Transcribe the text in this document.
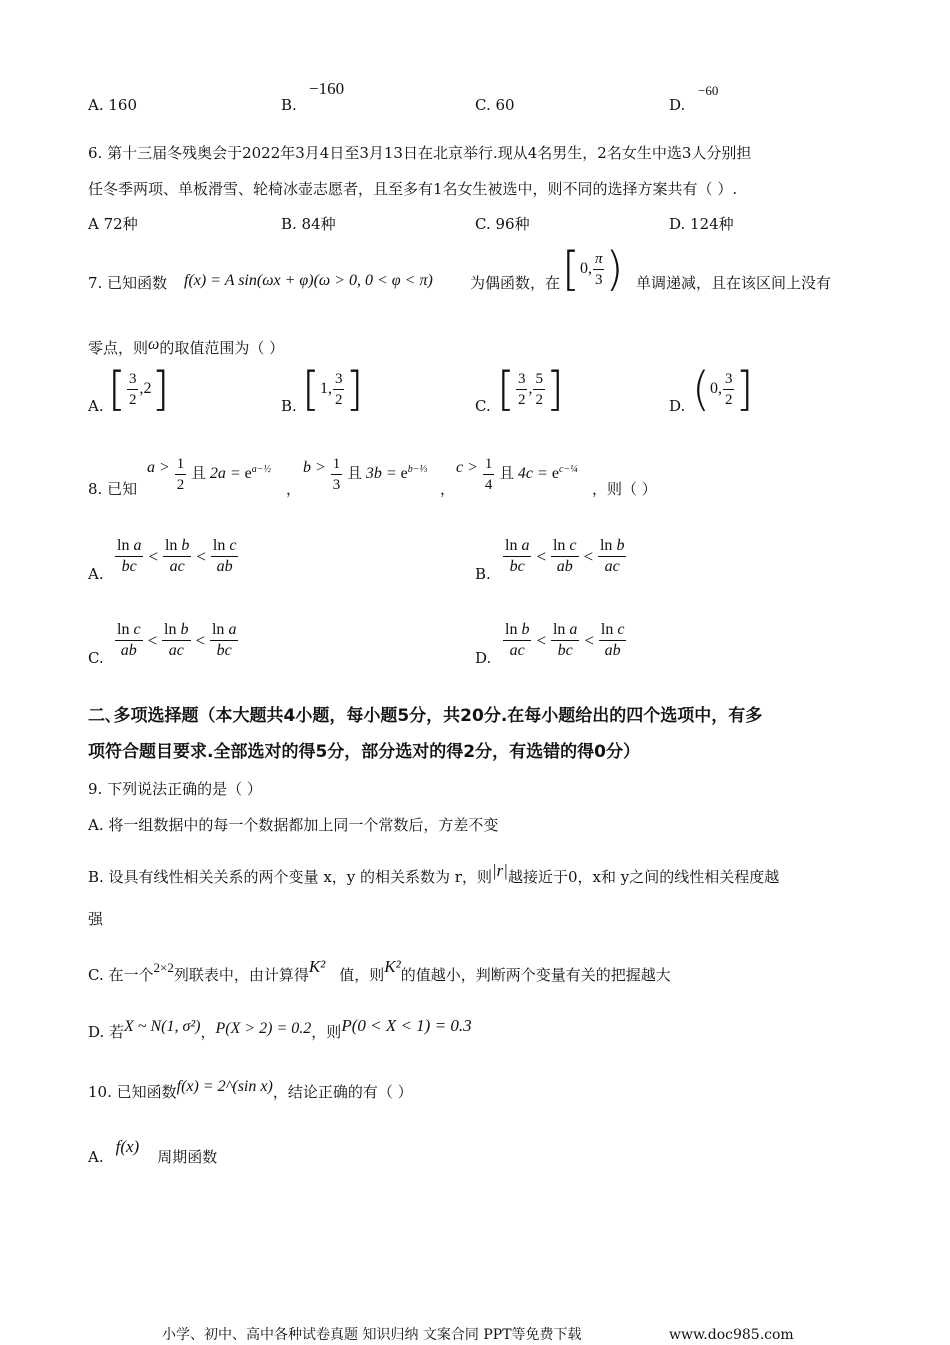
A. 160	B.
−160
C. 60	D.
−60
6. 第十三届冬残奥会于2022年3月4日至3月13日在北京举行.现从4名男生，2名女生中选3人分别担
任冬季两项、单板滑雪、轮椅冰壶志愿者，且至多有1名女生被选中，则不同的选择方案共有（ ）.
A 72种	B. 84种	C. 96种	D. 124种
7. 已知函数 f(x) = A sin(ωx + φ)(ω > 0, 0 < φ < π) 为偶函数，在 [0, $\frac{\pi}{3}$ ) 单调递减，且在该区间上没有
零点，则ω的取值范围为（ ）
A. [ $\frac{3}{2} ,2$]	B. [1, $\frac{3}{2}$ ]	C. [ $\frac{3}{2}$ , $\frac{5}{2}$ ]	D. (0, $\frac{3}{2}$ ]
8. 已知
$a > \frac{1}{2}$ 且 $2a = e^{a-\frac{1}{2}}$
，
$b > \frac{1}{3}$ 且 $3b = e^{b-\frac{1}{3}}$
，
$c > \frac{1}{4}$ 且 $4c = e^{c-\frac{1}{4}}$
，则（ ）
A. $\frac{\text{ln a}}{bc} < \frac{\text{ln b}}{ac} < \frac{\text{ln c}}{ab}$	B. $\frac{\text{ln a}}{bc} < \frac{\text{ln c}}{ab} < \frac{\text{ln b}}{ac}$
C. $\frac{\text{ln c}}{ab} < \frac{\text{ln b}}{ac} < \frac{\text{ln a}}{bc}$	D. $\frac{\text{ln b}}{ac} < \frac{\text{ln a}}{bc} < \frac{\text{ln c}}{ab}$
二､多项选择题（本大题共4小题，每小题5分，共20分.在每小题给出的四个选项中，有多
项符合题目要求.全部选对的得5分，部分选对的得2分，有选错的得0分）
9. 下列说法正确的是（ ）
A. 将一组数据中的每一个数据都加上同一个常数后，方差不变
B. 设具有线性相关关系的两个变量 x，y 的相关系数为 r，则|r|越接近于0，x和 y之间的线性相关程度越
强
C. 在一个2×2列联表中，由计算得K² 值，则K²的值越小，判断两个变量有关的把握越大
D. 若X ~ N(1, σ²)，P(X > 2) = 0.2，则P(0 < X < 1) = 0.3
10. 已知函数f(x) = 2^(sin x)，结论正确的有（ ）
A.f(x)周期函数
小学、初中、高中各种试卷真题 知识归纳 文案合同 PPT等免费下载	www.doc985.com
